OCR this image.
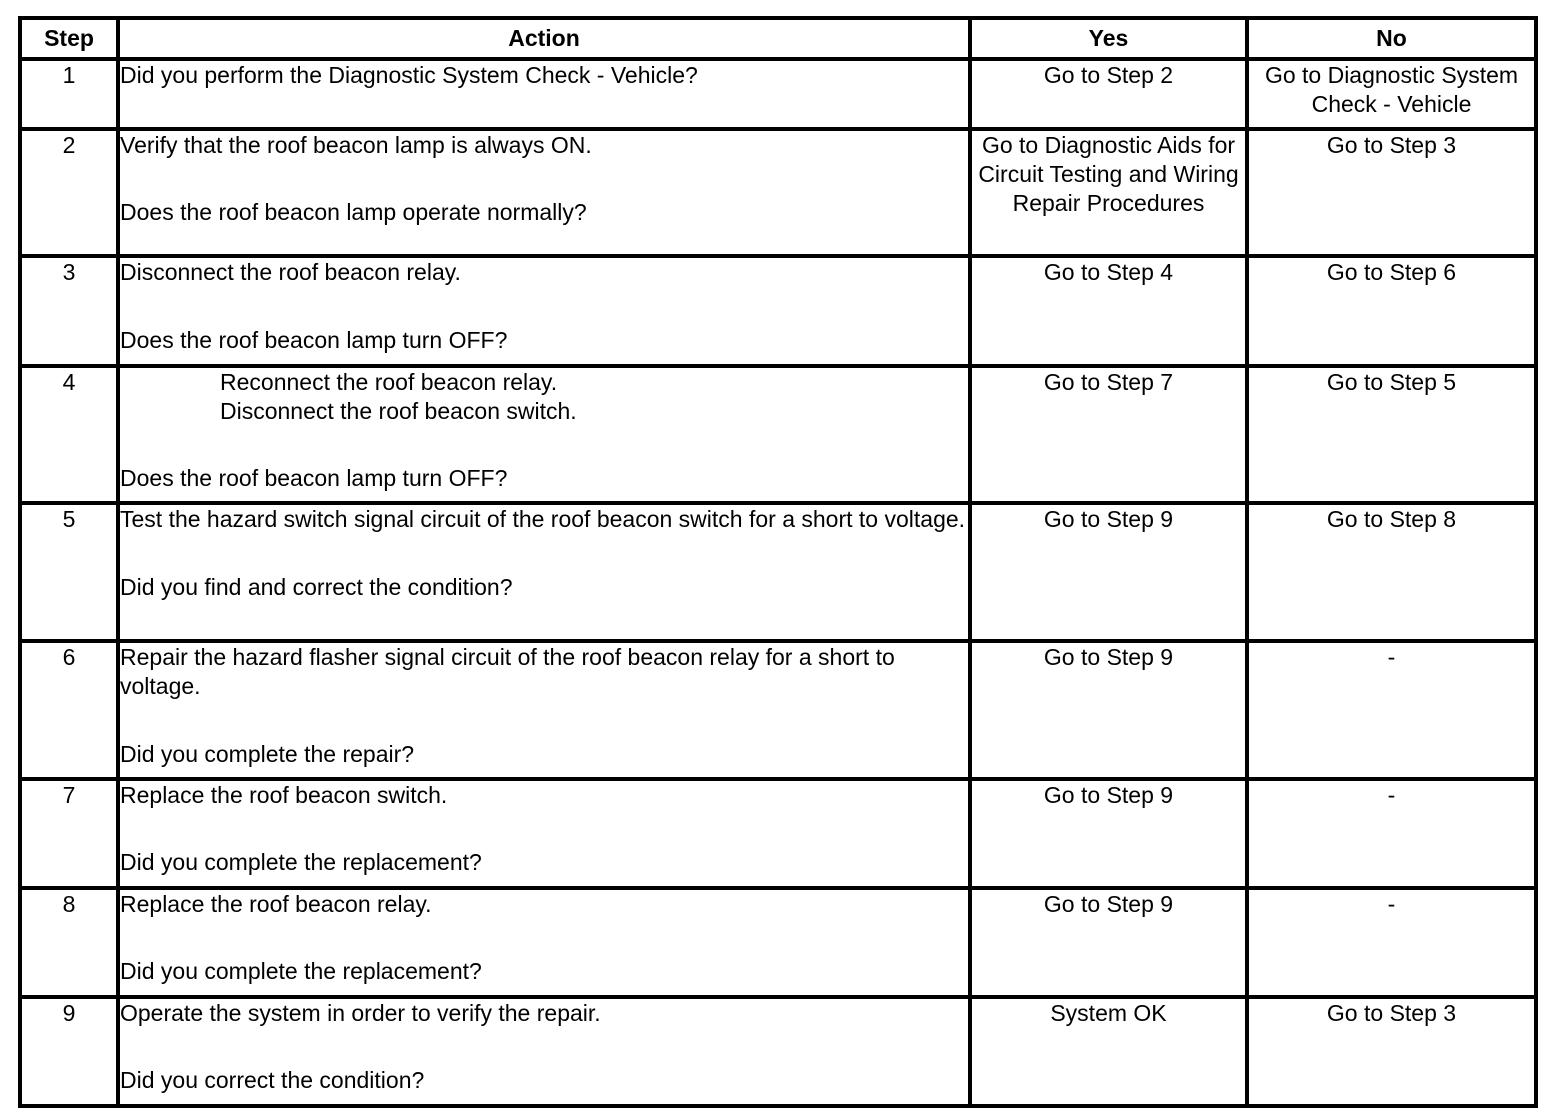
Step	Action	Yes	No
1	Did you perform the Diagnostic System Check - Vehicle?	Go to Step 2	Go to Diagnostic System Check - Vehicle
2	Verify that the roof beacon lamp is always ON.
Does the roof beacon lamp operate normally?	Go to Diagnostic Aids for Circuit Testing and Wiring Repair Procedures	Go to Step 3
3	Disconnect the roof beacon relay.
Does the roof beacon lamp turn OFF?	Go to Step 4	Go to Step 6
4	Reconnect the roof beacon relay.
Disconnect the roof beacon switch.
Does the roof beacon lamp turn OFF?	Go to Step 7	Go to Step 5
5	Test the hazard switch signal circuit of the roof beacon switch for a short to voltage.
Did you find and correct the condition?	Go to Step 9	Go to Step 8
6	Repair the hazard flasher signal circuit of the roof beacon relay for a short to voltage.
Did you complete the repair?	Go to Step 9	-
7	Replace the roof beacon switch.
Did you complete the replacement?	Go to Step 9	-
8	Replace the roof beacon relay.
Did you complete the replacement?	Go to Step 9	-
9	Operate the system in order to verify the repair.
Did you correct the condition?	System OK	Go to Step 3
